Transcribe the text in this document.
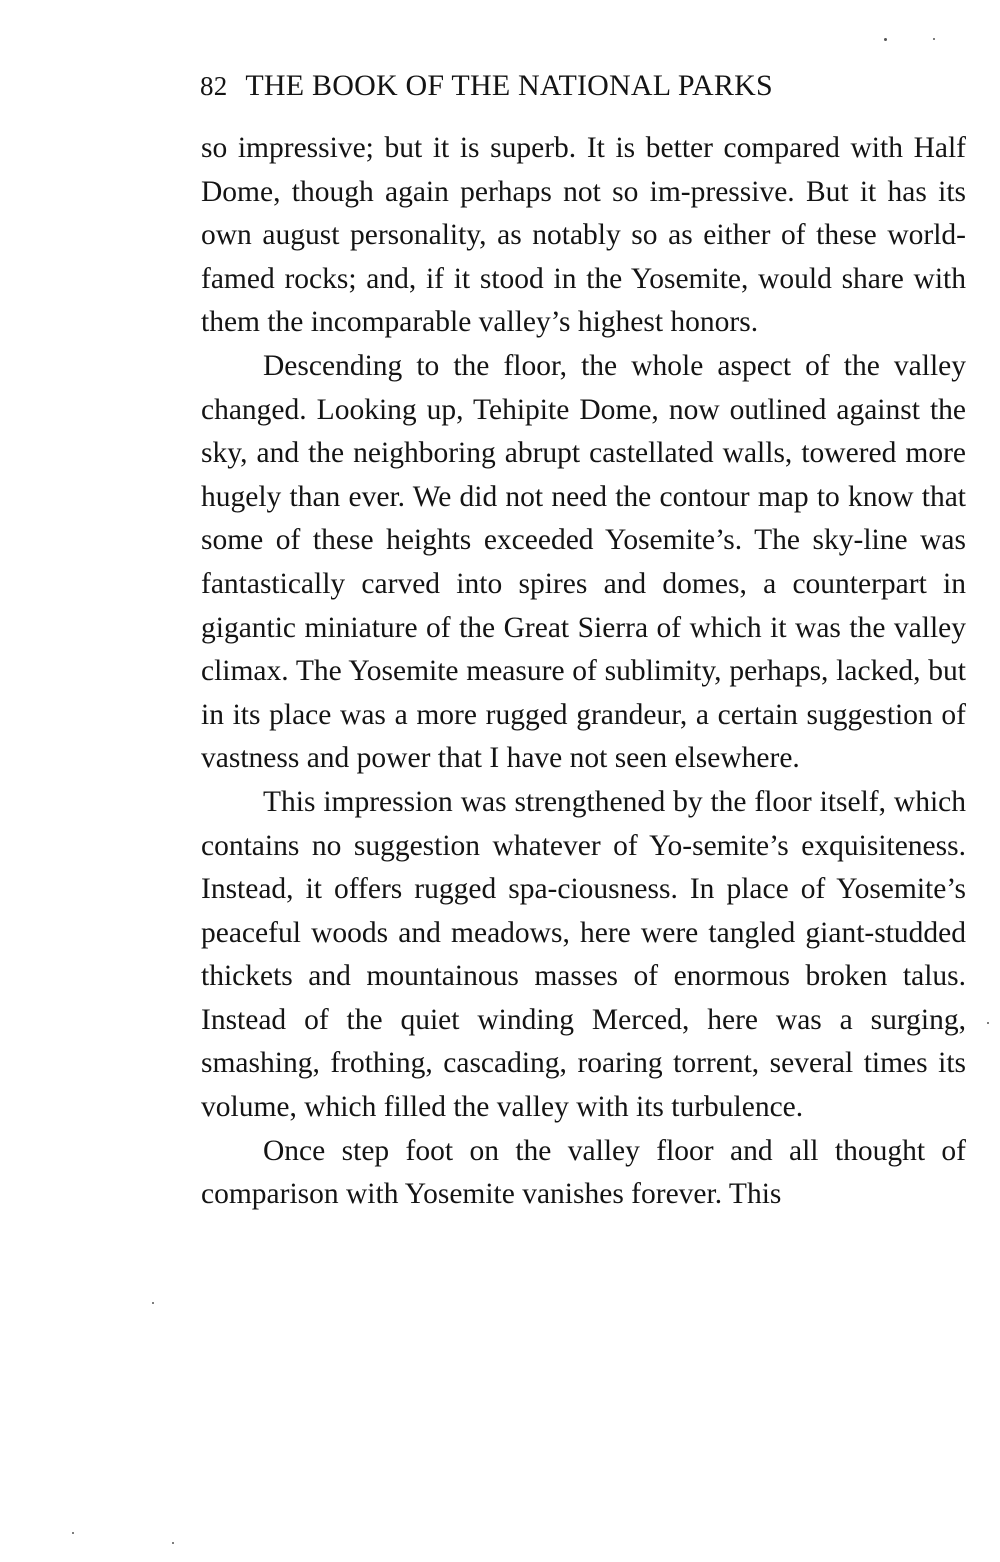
82 THE BOOK OF THE NATIONAL PARKS

so impressive; but it is superb. It is better compared with Half Dome, though again perhaps not so im-pressive. But it has its own august personality, as notably so as either of these world-famed rocks; and, if it stood in the Yosemite, would share with them the incomparable valley’s highest honors.

Descending to the floor, the whole aspect of the valley changed. Looking up, Tehipite Dome, now outlined against the sky, and the neighboring abrupt castellated walls, towered more hugely than ever. We did not need the contour map to know that some of these heights exceeded Yosemite’s. The sky-line was fantastically carved into spires and domes, a counterpart in gigantic miniature of the Great Sierra of which it was the valley climax. The Yosemite measure of sublimity, perhaps, lacked, but in its place was a more rugged grandeur, a certain suggestion of vastness and power that I have not seen elsewhere.

This impression was strengthened by the floor itself, which contains no suggestion whatever of Yo-semite’s exquisiteness. Instead, it offers rugged spa-ciousness. In place of Yosemite’s peaceful woods and meadows, here were tangled giant-studded thickets and mountainous masses of enormous broken talus. Instead of the quiet winding Merced, here was a surging, smashing, frothing, cascading, roaring torrent, several times its volume, which filled the valley with its turbulence.

Once step foot on the valley floor and all thought of comparison with Yosemite vanishes forever. This
